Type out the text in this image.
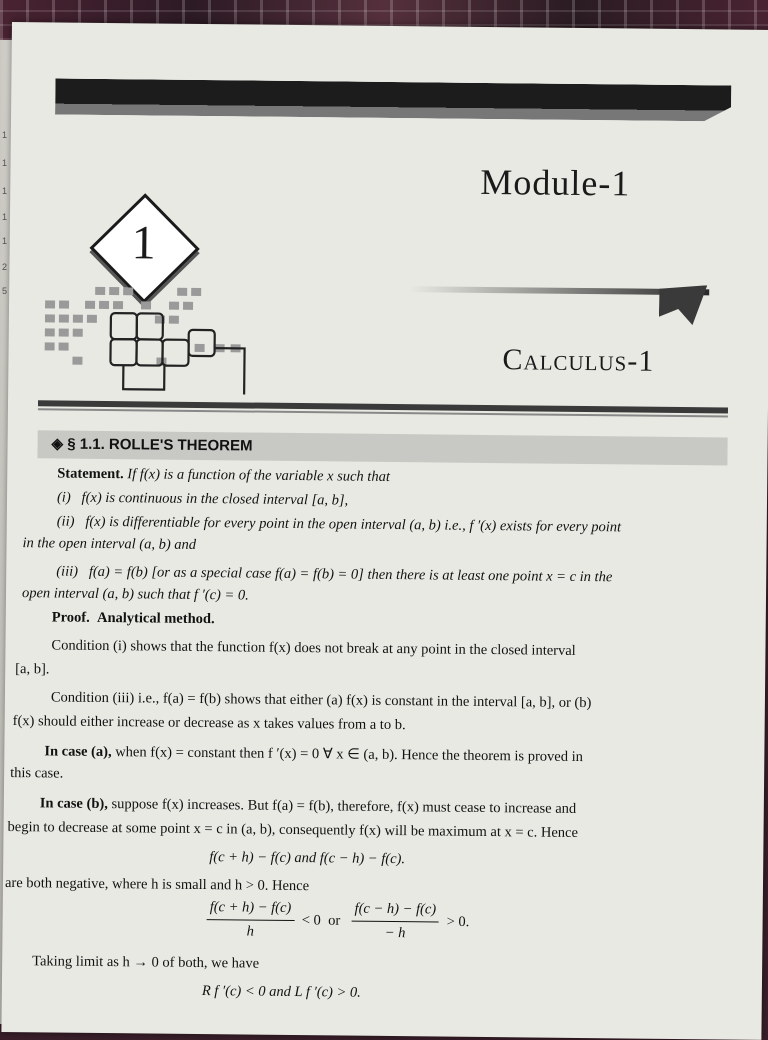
1
1
1
1
1
2
5
Module-1
1
Calculus-1
◈ § 1.1. ROLLE'S THEOREM
Statement. If f(x) is a function of the variable x such that
(i) f(x) is continuous in the closed interval [a, b],
(ii) f(x) is differentiable for every point in the open interval (a, b) i.e., f ′(x) exists for every point
in the open interval (a, b) and
(iii) f(a) = f(b) [or as a special case f(a) = f(b) = 0] then there is at least one point x = c in the
open interval (a, b) such that f ′(c) = 0.
Proof. Analytical method.
Condition (i) shows that the function f(x) does not break at any point in the closed interval
[a, b].
Condition (iii) i.e., f(a) = f(b) shows that either (a) f(x) is constant in the interval [a, b], or (b)
f(x) should either increase or decrease as x takes values from a to b.
In case (a), when f(x) = constant then f ′(x) = 0 ∀ x ∈ (a, b). Hence the theorem is proved in
this case.
In case (b), suppose f(x) increases. But f(a) = f(b), therefore, f(x) must cease to increase and
begin to decrease at some point x = c in (a, b), consequently f(x) will be maximum at x = c. Hence
f(c + h) − f(c) and f(c − h) − f(c).
are both negative, where h is small and h > 0. Hence
$\frac{f(c + h) - f(c)}{h} < 0$ or $\frac{f(c - h) - f(c)}{- h} > 0$.
Taking limit as h → 0 of both, we have
R f ′(c) < 0 and L f ′(c) > 0.
